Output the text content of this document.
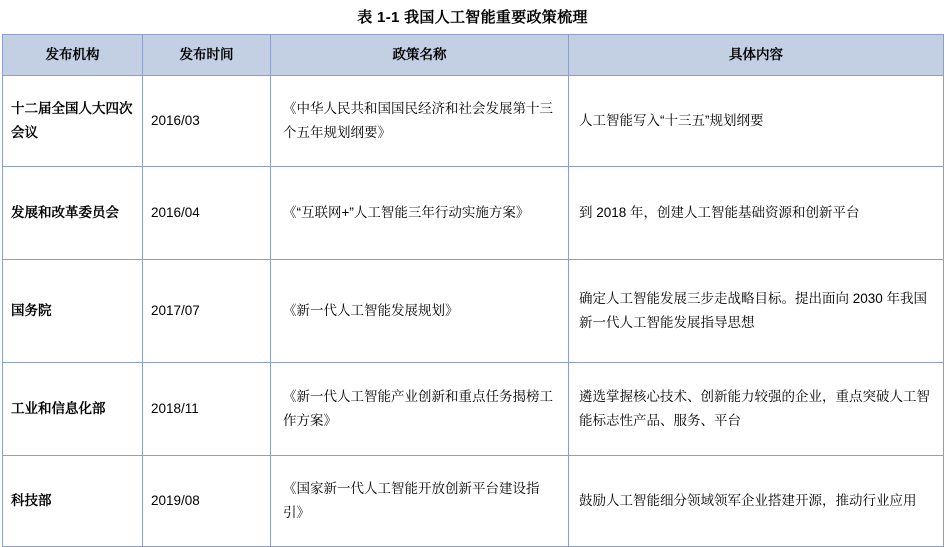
表 1-1 我国人工智能重要政策梳理
发布机构	发布时间	政策名称	具体内容
十二届全国人大四次会议	2016/03	《中华人民共和国国民经济和社会发展第十三个五年规划纲要》	人工智能写入“十三五”规划纲要
发展和改革委员会	2016/04	《“互联网+”人工智能三年行动实施方案》	到 2018 年，创建人工智能基础资源和创新平台
国务院	2017/07	《新一代人工智能发展规划》	确定人工智能发展三步走战略目标。提出面向 2030 年我国新一代人工智能发展指导思想
工业和信息化部	2018/11	《新一代人工智能产业创新和重点任务揭榜工作方案》	遴选掌握核心技术、创新能力较强的企业，重点突破人工智能标志性产品、服务、平台
科技部	2019/08	《国家新一代人工智能开放创新平台建设指引》	鼓励人工智能细分领域领军企业搭建开源，推动行业应用
